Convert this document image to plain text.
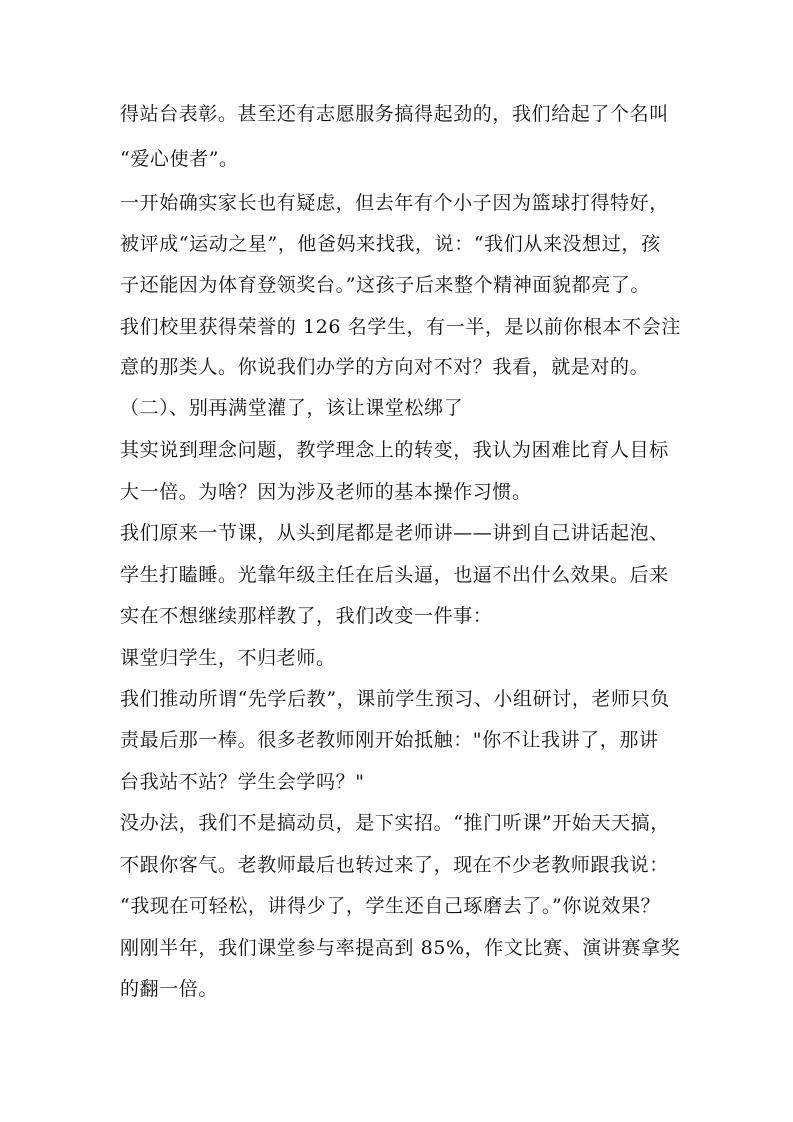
得站台表彰。甚至还有志愿服务搞得起劲的，我们给起了个名叫
“爱心使者”。
一开始确实家长也有疑虑，但去年有个小子因为篮球打得特好，
被评成“运动之星”，他爸妈来找我，说：“我们从来没想过，孩
子还能因为体育登领奖台。”这孩子后来整个精神面貌都亮了。
我们校里获得荣誉的 126 名学生，有一半，是以前你根本不会注
意的那类人。你说我们办学的方向对不对？我看，就是对的。
（二）、别再满堂灌了，该让课堂松绑了
其实说到理念问题，教学理念上的转变，我认为困难比育人目标
大一倍。为啥？因为涉及老师的基本操作习惯。
我们原来一节课，从头到尾都是老师讲——讲到自己讲话起泡、
学生打瞌睡。光靠年级主任在后头逼，也逼不出什么效果。后来
实在不想继续那样教了，我们改变一件事：
课堂归学生，不归老师。
我们推动所谓“先学后教”，课前学生预习、小组研讨，老师只负
责最后那一棒。很多老教师刚开始抵触："你不让我讲了，那讲
台我站不站？学生会学吗？"
没办法，我们不是搞动员，是下实招。“推门听课”开始天天搞，
不跟你客气。老教师最后也转过来了，现在不少老教师跟我说：
“我现在可轻松，讲得少了，学生还自己琢磨去了。”你说效果？
刚刚半年，我们课堂参与率提高到 85%，作文比赛、演讲赛拿奖
的翻一倍。
